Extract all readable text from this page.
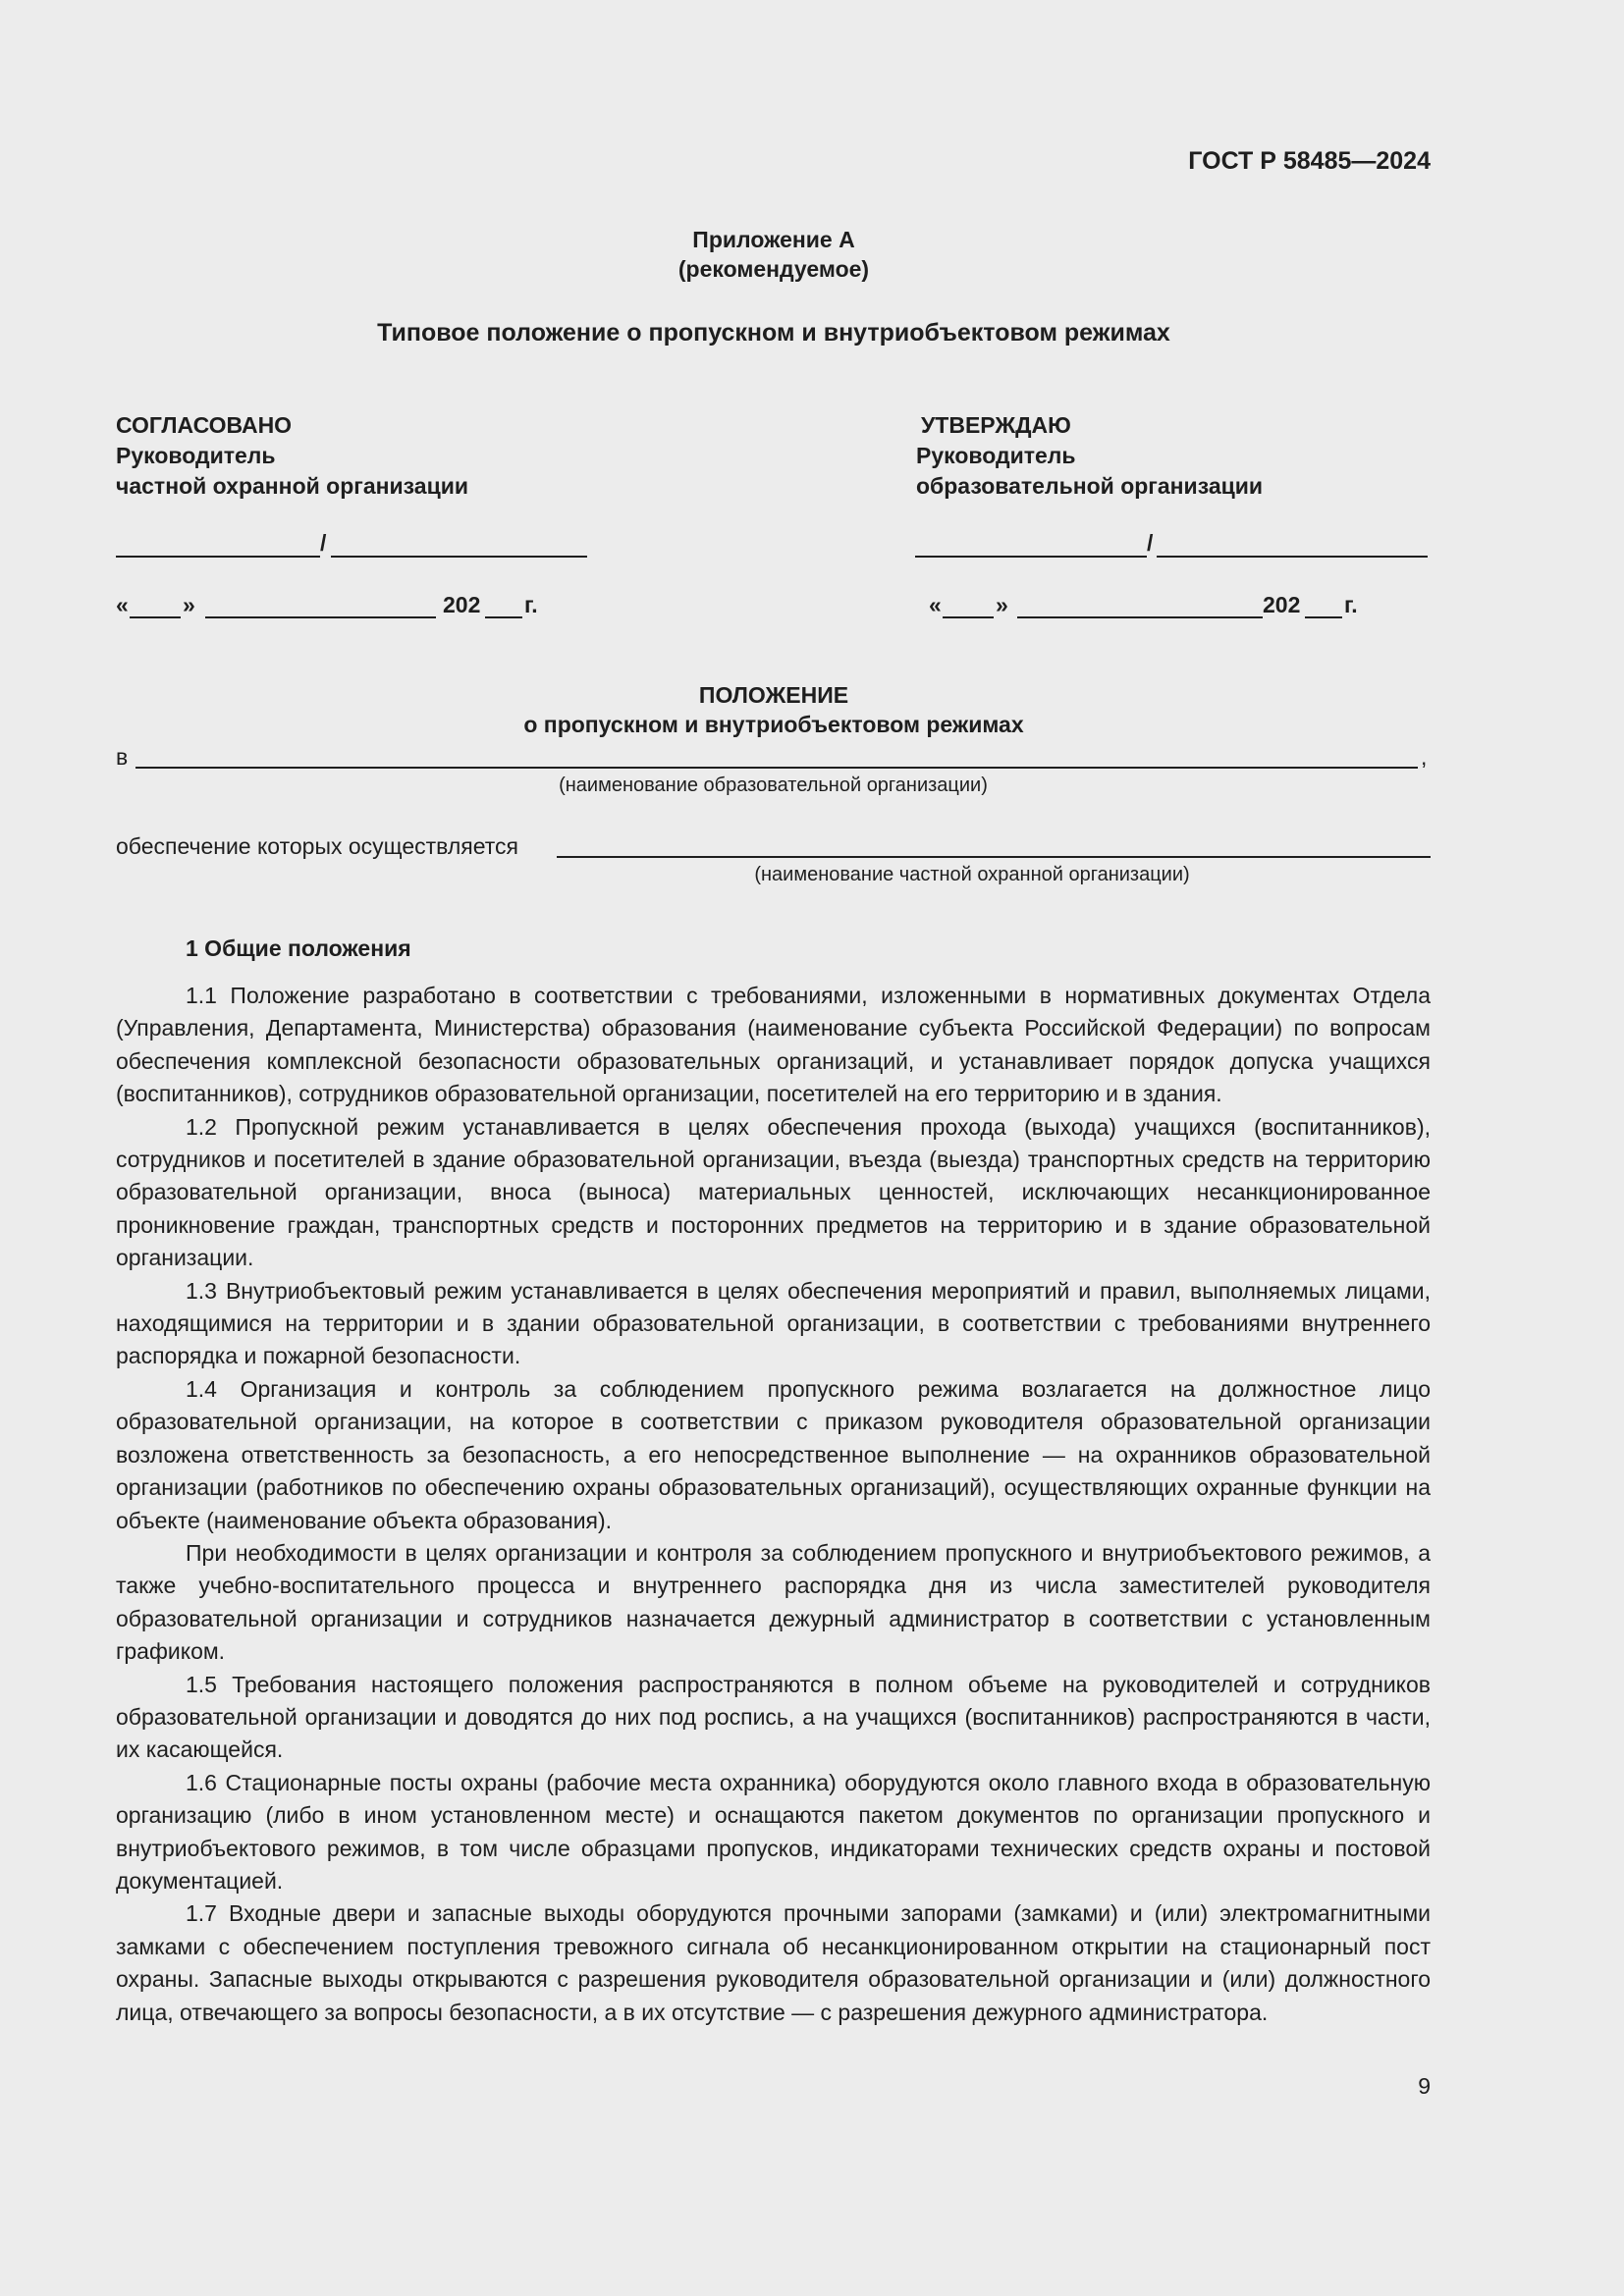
ГОСТ Р 58485—2024
Приложение А
(рекомендуемое)
Типовое положение о пропускном и внутриобъектовом режимах
СОГЛАСОВАНО
Руководитель
частной охранной организации
/
« »	202 г.
УТВЕРЖДАЮ
Руководитель
образовательной организации
/
« »	202 г.
ПОЛОЖЕНИЕ
о пропускном и внутриобъектовом режимах
в	,
(наименование образовательной организации)
обеспечение которых осуществляется
(наименование частной охранной организации)
1 Общие положения

1.1 Положение разработано в соответствии с требованиями, изложенными в нормативных документах Отдела (Управления, Департамента, Министерства) образования (наименование субъекта Российской Федерации) по вопросам обеспечения комплексной безопасности образовательных организаций, и устанавливает порядок допуска учащихся (воспитанников), сотрудников образовательной организации, посетителей на его территорию и в здания.

1.2 Пропускной режим устанавливается в целях обеспечения прохода (выхода) учащихся (воспитанников), сотрудников и посетителей в здание образовательной организации, въезда (выезда) транспортных средств на территорию образовательной организации, вноса (выноса) материальных ценностей, исключающих несанкционированное проникновение граждан, транспортных средств и посторонних предметов на территорию и в здание образовательной организации.

1.3 Внутриобъектовый режим устанавливается в целях обеспечения мероприятий и правил, выполняемых лицами, находящимися на территории и в здании образовательной организации, в соответствии с требованиями внутреннего распорядка и пожарной безопасности.

1.4 Организация и контроль за соблюдением пропускного режима возлагается на должностное лицо образовательной организации, на которое в соответствии с приказом руководителя образовательной организации возложена ответственность за безопасность, а его непосредственное выполнение — на охранников образовательной организации (работников по обеспечению охраны образовательных организаций), осуществляющих охранные функции на объекте (наименование объекта образования).

При необходимости в целях организации и контроля за соблюдением пропускного и внутриобъектового режимов, а также учебно-воспитательного процесса и внутреннего распорядка дня из числа заместителей руководителя образовательной организации и сотрудников назначается дежурный администратор в соответствии с установленным графиком.

1.5 Требования настоящего положения распространяются в полном объеме на руководителей и сотрудников образовательной организации и доводятся до них под роспись, а на учащихся (воспитанников) распространяются в части, их касающейся.

1.6 Стационарные посты охраны (рабочие места охранника) оборудуются около главного входа в образовательную организацию (либо в ином установленном месте) и оснащаются пакетом документов по организации пропускного и внутриобъектового режимов, в том числе образцами пропусков, индикаторами технических средств охраны и постовой документацией.

1.7 Входные двери и запасные выходы оборудуются прочными запорами (замками) и (или) электромагнитными замками с обеспечением поступления тревожного сигнала об несанкционированном открытии на стационарный пост охраны. Запасные выходы открываются с разрешения руководителя образовательной организации и (или) должностного лица, отвечающего за вопросы безопасности, а в их отсутствие — с разрешения дежурного администратора.

9
